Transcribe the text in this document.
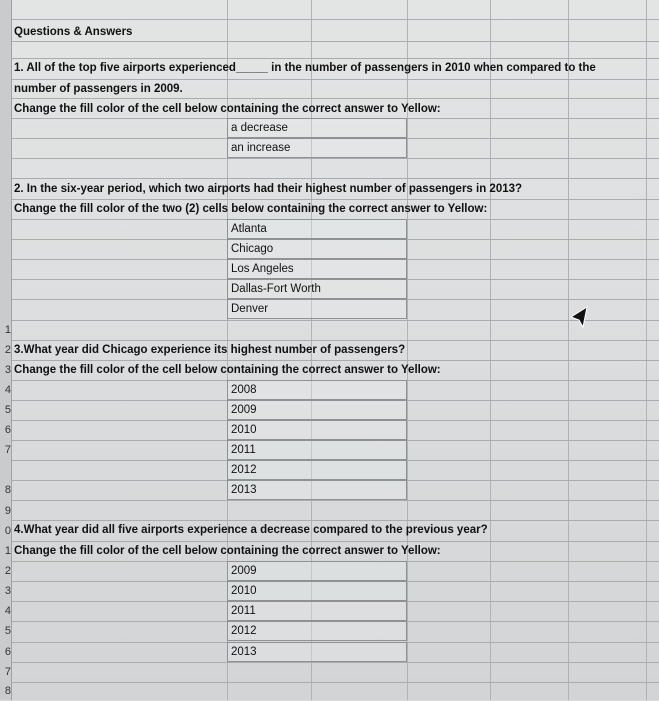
9
0
1
2
3
4
5
6
7
8
1
2
3
4
5
6
7
8
Questions & Answers
1. All of the top five airports experienced_____ in the number of passengers in 2010 when compared to the
number of passengers in 2009.
Change the fill color of the cell below containing the correct answer to Yellow:
a decrease
an increase
2. In the six-year period, which two airports had their highest number of passengers in 2013?
Change the fill color of the two (2) cells below containing the correct answer to Yellow:
Atlanta
Chicago
Los Angeles
Dallas-Fort Worth
Denver
3.What year did Chicago experience its highest number of passengers?
Change the fill color of the cell below containing the correct answer to Yellow:
2008
2009
2010
2011
2012
2013
4.What year did all five airports experience a decrease compared to the previous year?
Change the fill color of the cell below containing the correct answer to Yellow:
2009
2010
2011
2012
2013
